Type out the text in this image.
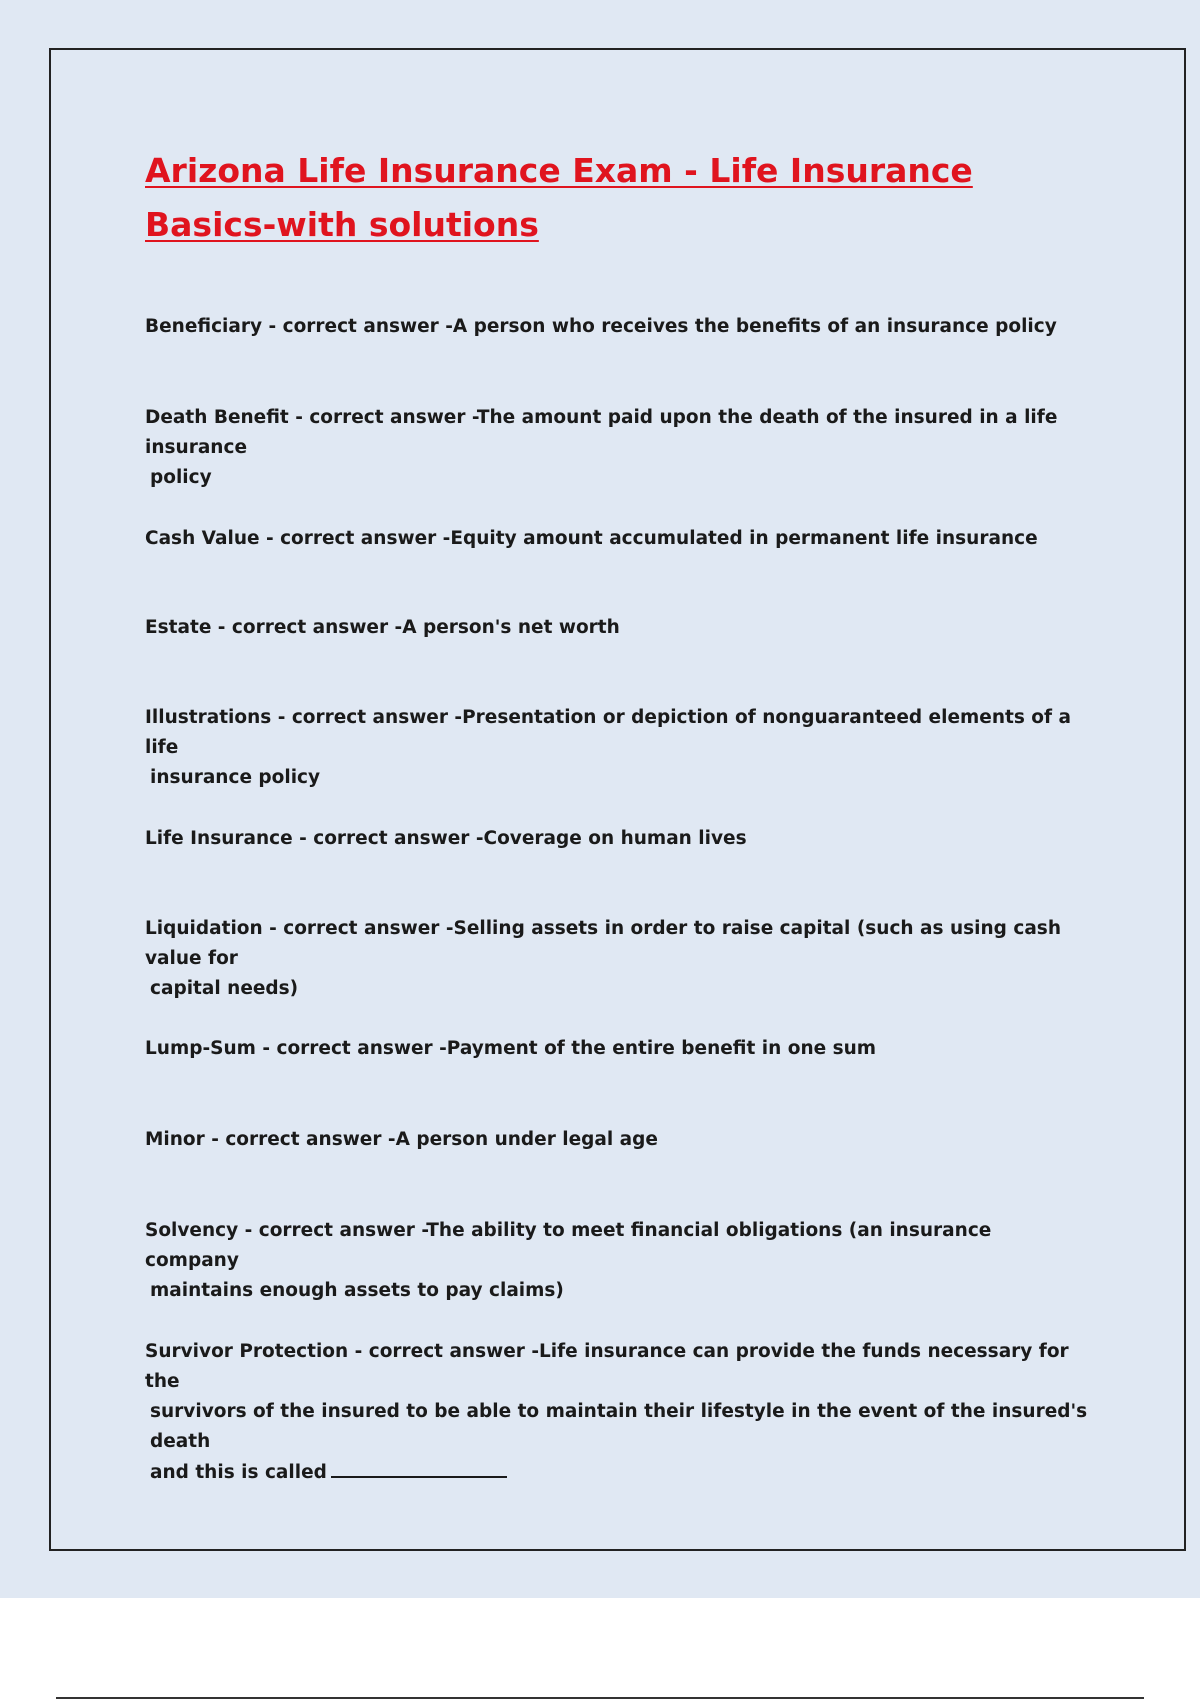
Arizona Life Insurance Exam - Life Insurance Basics-with solutions

Beneficiary - correct answer -A person who receives the benefits of an insurance policy

Death Benefit - correct answer -The amount paid upon the death of the insured in a life insurance
policy

Cash Value - correct answer -Equity amount accumulated in permanent life insurance

Estate - correct answer -A person's net worth

Illustrations - correct answer -Presentation or depiction of nonguaranteed elements of a life
insurance policy

Life Insurance - correct answer -Coverage on human lives

Liquidation - correct answer -Selling assets in order to raise capital (such as using cash value for
capital needs)

Lump-Sum - correct answer -Payment of the entire benefit in one sum

Minor - correct answer -A person under legal age

Solvency - correct answer -The ability to meet financial obligations (an insurance company
maintains enough assets to pay claims)

Survivor Protection - correct answer -Life insurance can provide the funds necessary for the
survivors of the insured to be able to maintain their lifestyle in the event of the insured's death
and this is called
